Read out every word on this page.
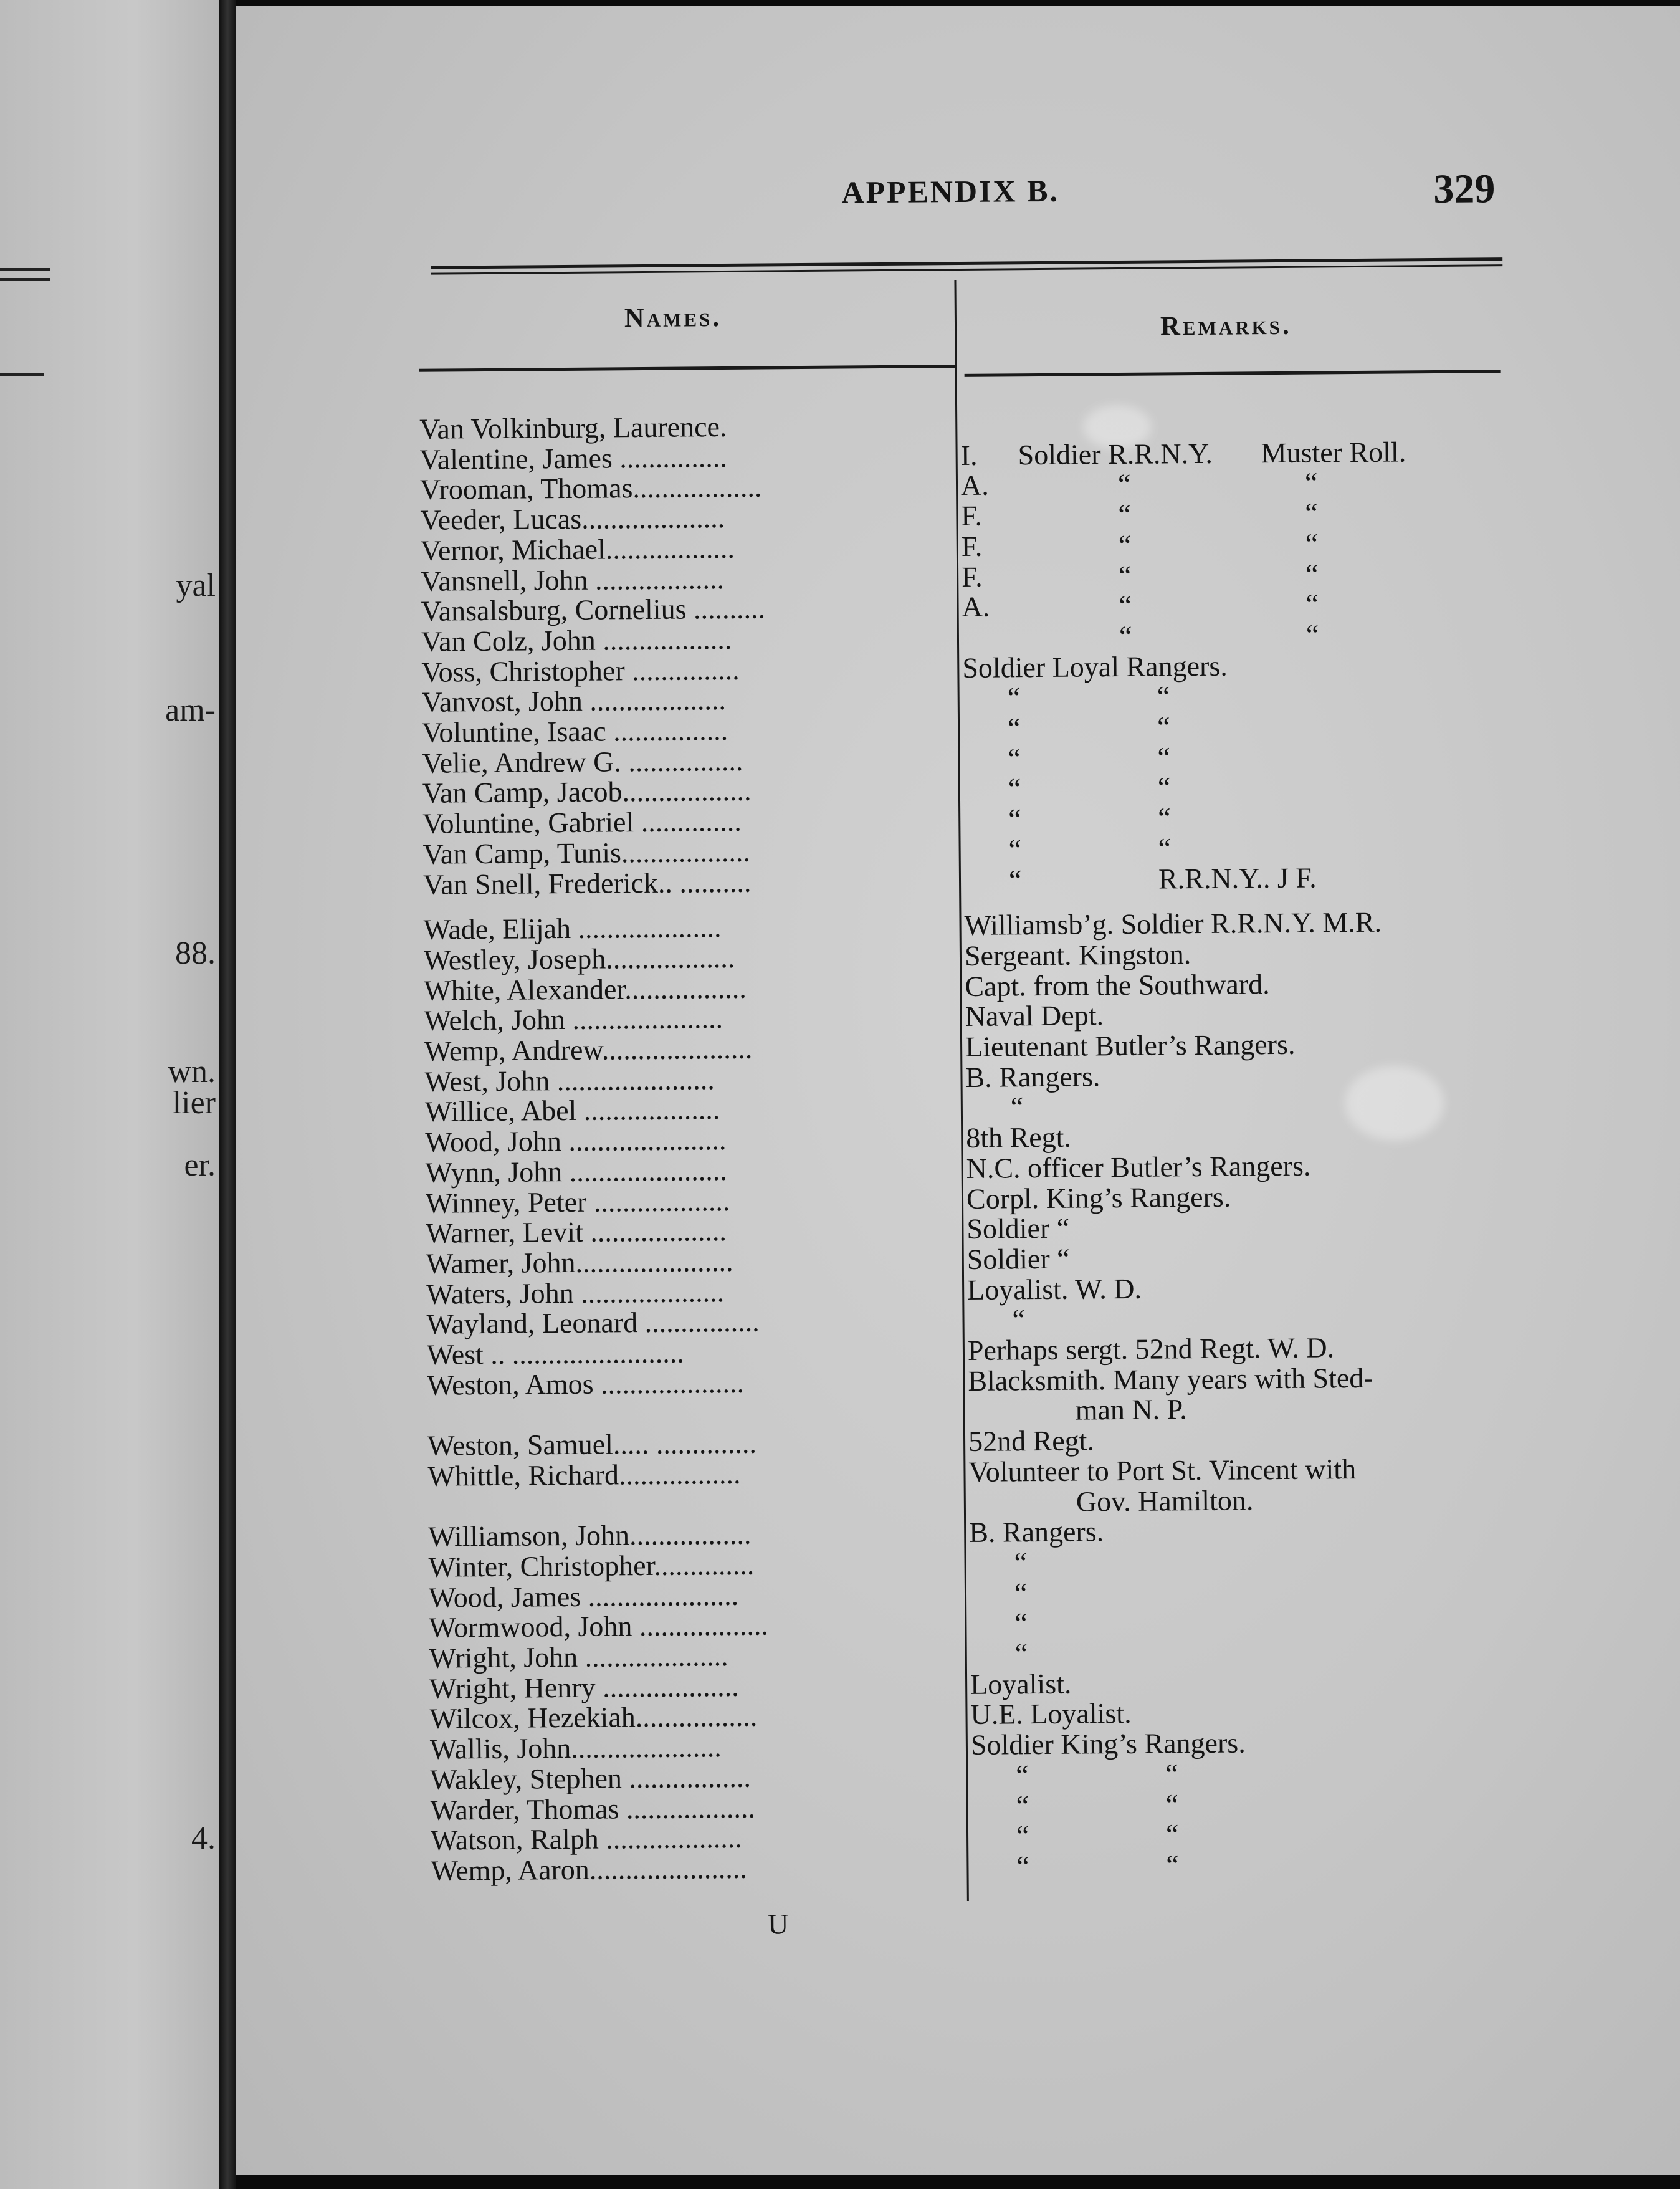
yal
am-
88.
wn.
lier
er.
4.
APPENDIX B.	329
Names.	Remarks.
Van Volkinburg, Laurence.
Valentine, James ...............	I. Soldier R.R.N.Y. Muster Roll.
Vrooman, Thomas..................	A.	“	“
Veeder, Lucas....................	F.	“	“
Vernor, Michael..................	F.	“	“
Vansnell, John ..................	F.	“	“
Vansalsburg, Cornelius ..........	A.	“	“
Van Colz, John ..................	“	“
Voss, Christopher ...............	Soldier Loyal Rangers.
Vanvost, John ...................	“	“
Voluntine, Isaac ................	“	“
Velie, Andrew G. ................	“	“
Van Camp, Jacob..................	“	“
Voluntine, Gabriel ..............	“	“
Van Camp, Tunis..................	“	“
Van Snell, Frederick.. ..........	“	R.R.N.Y.. J F.
Wade, Elijah ....................	Williamsb’g. Soldier R.R.N.Y. M.R.
Westley, Joseph..................	Sergeant. Kingston.
White, Alexander.................	Capt. from the Southward.
Welch, John .....................	Naval Dept.
Wemp, Andrew.....................	Lieutenant Butler’s Rangers.
West, John ......................	B. Rangers.
Willice, Abel ...................	“
Wood, John ......................	8th Regt.
Wynn, John ......................	N.C. officer Butler’s Rangers.
Winney, Peter ...................	Corpl. King’s Rangers.
Warner, Levit ...................	Soldier “
Wamer, John......................	Soldier “
Waters, John ....................	Loyalist. W. D.
Wayland, Leonard ................	“
West .. ........................	Perhaps sergt. 52nd Regt. W. D.
Weston, Amos ....................	Blacksmith. Many years with Sted-
man N. P.
Weston, Samuel..... ..............	52nd Regt.
Whittle, Richard.................	Volunteer to Port St. Vincent with
Gov. Hamilton.
Williamson, John.................	B. Rangers.
Winter, Christopher..............	“
Wood, James .....................	“
Wormwood, John ..................	“
Wright, John ....................	“
Wright, Henry ...................	Loyalist.
Wilcox, Hezekiah.................	U.E. Loyalist.
Wallis, John.....................	Soldier King’s Rangers.
Wakley, Stephen .................	“	“
Warder, Thomas ..................	“	“
Watson, Ralph ...................	“	“
Wemp, Aaron......................	“	“
U
